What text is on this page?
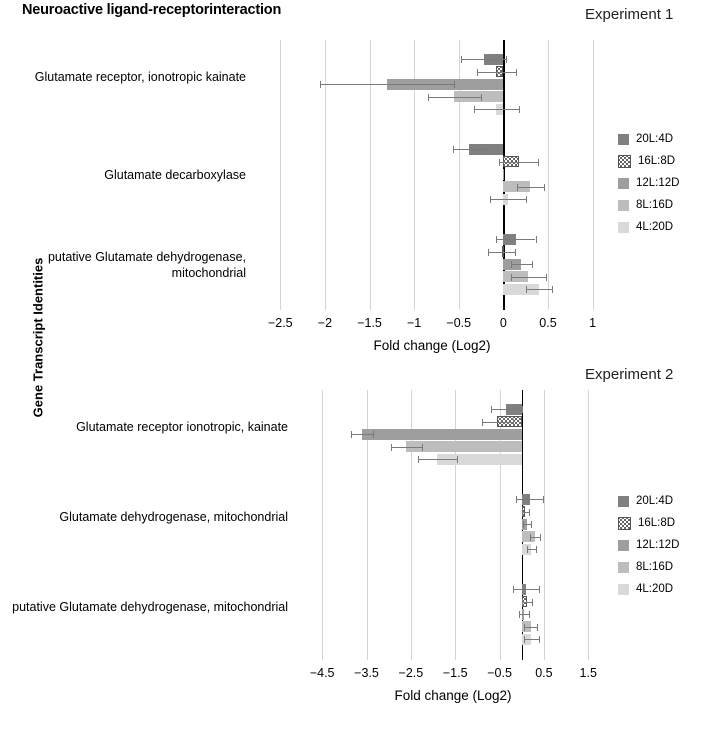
Neuroactive ligand-receptorinteraction
Gene Transcript Identities
Experiment 1
Experiment 2
−2.5	−2	−1.5	−1	−0.5	0	0.5	1
Glutamate receptor, ionotropic kainate
Glutamate decarboxylase
putative Glutamate dehydrogenase, mitochondrial
Fold change (Log2)
20L:4D
16L:8D
12L:12D
8L:16D
4L:20D
−4.5	−3.5	−2.5	−1.5	−0.5	0.5	1.5
Glutamate receptor ionotropic, kainate
Glutamate dehydrogenase, mitochondrial
putative Glutamate dehydrogenase, mitochondrial
Fold change (Log2)
20L:4D
16L:8D
12L:12D
8L:16D
4L:20D
